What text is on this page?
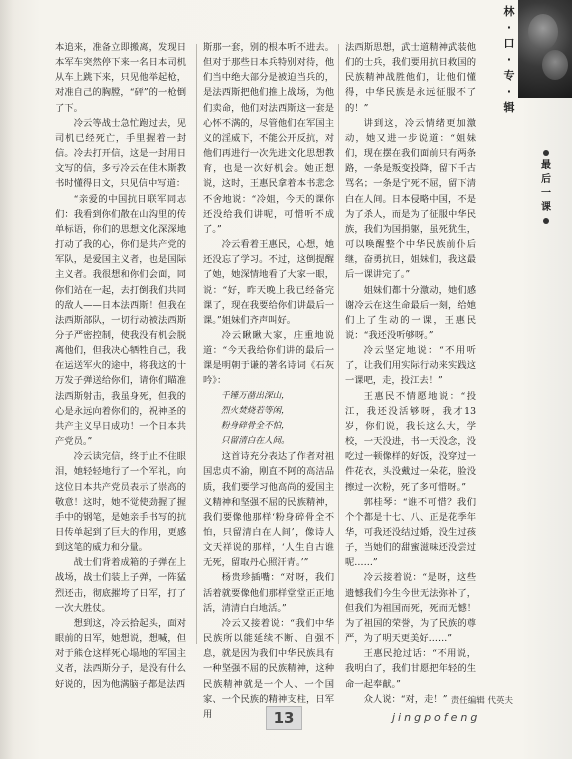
林
·
口
·
专
·
辑
最
后
一
课

本追来，准备立即搬离，发现日本军车突然停下来一名日本司机从车上跳下来，只见他举起枪，对准自己的胸膛，“砰”的一枪倒了下。

冷云等战士急忙跑过去，见司机已经死亡，手里握着一封信。冷去打开信，这是一封用日文写的信，多亏冷云在佳木斯教书时懂得日文，只见信中写道：

“亲爱的中国抗日联军同志们：我看到你们散在山沟里的传单标语，你们的思想文化深深地打动了我的心，你们是共产党的军队，是爱国主义者，也是国际主义者。我很想和你们会面，同你们站在一起，去打倒我们共同的敌人——日本法西斯！但我在法西斯部队，一切行动被法西斯分子严密控制，使我没有机会脱离他们，但我决心牺牲自己，我在运送军火的途中，将我这的十万发子弹送给你们，请你们瞄准法西斯射击，我虽身死，但我的心是永远向着你们的，祝神圣的共产主义早日成功！一个日本共产党员。”

冷云读完信，终于止不住眼泪，她轻轻地行了一个军礼，向这位日本共产党员表示了崇高的敬意！这时，她不觉使劲握了握手中的钢笔，是她亲手书写的抗日传单起到了巨大的作用，更感到这笔的威力和分量。

战士们背着成箱的子弹在上战场，战士们装上子弹，一阵猛烈还击，彻底摧垮了日军，打了一次大胜仗。

想到这，冷云拾起头，面对眼前的日军，她想说，想喊，但对于熊仓这样死心塌地的军国主义者，法西斯分子，是没有什么好说的，因为他满脑子都是法西

斯那一套，别的根本听不进去。但对于那些日本兵特别对待，他们当中绝大部分是被迫当兵的，是法西斯把他们推上战场，为他们卖命，他们对法西斯这一套是心怀不满的，尽管他们在军国主义的淫威下，不能公开反抗，对他们再进行一次先进文化思想教育，也是一次好机会。她正想说，这时，王惠民拿着本书悲念不舍地说：“冷姐，今天的课你还没给我们讲呢，可惜听不成了。”

冷云看着王惠民，心想，她还没忘了学习。不过，这倒提醒了她，她深情地看了大家一眼，说：“好，昨天晚上我已经备完课了，现在我要给你们讲最后一课。”姐妹们齐声叫好。

冷云瞅瞅大家，庄重地说道：“今天我给你们讲的最后一课是明朝于谦的著名诗词《石灰吟》：

千锤万凿出深山，

烈火焚烧若等闲，

粉身碎骨全不怕，

只留清白在人间。

这首诗充分表达了作者对祖国忠贞不渝，刚直不阿的高洁品质，我们要学习他高尚的爱国主义精神和坚强不屈的民族精神，我们要像他那样‘粉身碎骨全不怕，只留清白在人间’，像诗人文天祥说的那样，‘人生自古谁无死，留取丹心照汗青。’”

杨贵珍插嘴：“对呀，我们活着就要像他们那样堂堂正正地活，清清白白地活。”

冷云又接着说：“我们中华民族所以能延续不断、自强不息，就是因为我们中华民族具有一种坚强不屈的民族精神，这种民族精神就是一个人、一个国家、一个民族的精神支柱，日军用

法西斯思想，武士道精神武装他们的士兵，我们要用抗日救国的民族精神战胜他们，让他们懂得，中华民族是永远征服不了的！”

讲到这，冷云情绪更加激动，她又进一步说道：“姐妹们，现在摆在我们面前只有两条路，一条是叛变投降，留下千古骂名；一条是宁死不屈，留下清白在人间。日本侵略中国，不是为了杀人，而是为了征服中华民族，我们为国捐躯，虽死犹生，可以唤醒整个中华民族前仆后继，奋勇抗日，姐妹们，我这最后一课讲完了。”

姐妹们都十分激动，她们感谢冷云在这生命最后一刻，给她们上了生动的一课，王惠民说：“我还没听够呀。”

冷云坚定地说：“不用听了，让我们用实际行动来实践这一课吧，走，投江去！”

王惠民不情愿地说：“投江，我还没活够呀，我才13岁，你们说，我长这么大，学校，一天没进，书一天没念，没吃过一顿像样的好饭，没穿过一件花衣，头没戴过一朵花，脸没擦过一次粉，死了多可惜呀。”

郭桂琴：“谁不可惜？我们个个都是十七、八、正是花季年华，可我还没结过婚，没生过孩子，当她们的甜蜜滋味还没尝过呢……”

冷云接着说：“是呀，这些遗憾我们今生今世无法弥补了，但我们为祖国而死，死而无憾！为了祖国的荣誉，为了民族的尊严，为了明天更美好……”

王惠民抢过话：“不用说，我明白了，我们甘愿把年轻的生命一起奉献。”

众人说：“对，走！”

13
责任编辑 代英夫
jingpofeng
